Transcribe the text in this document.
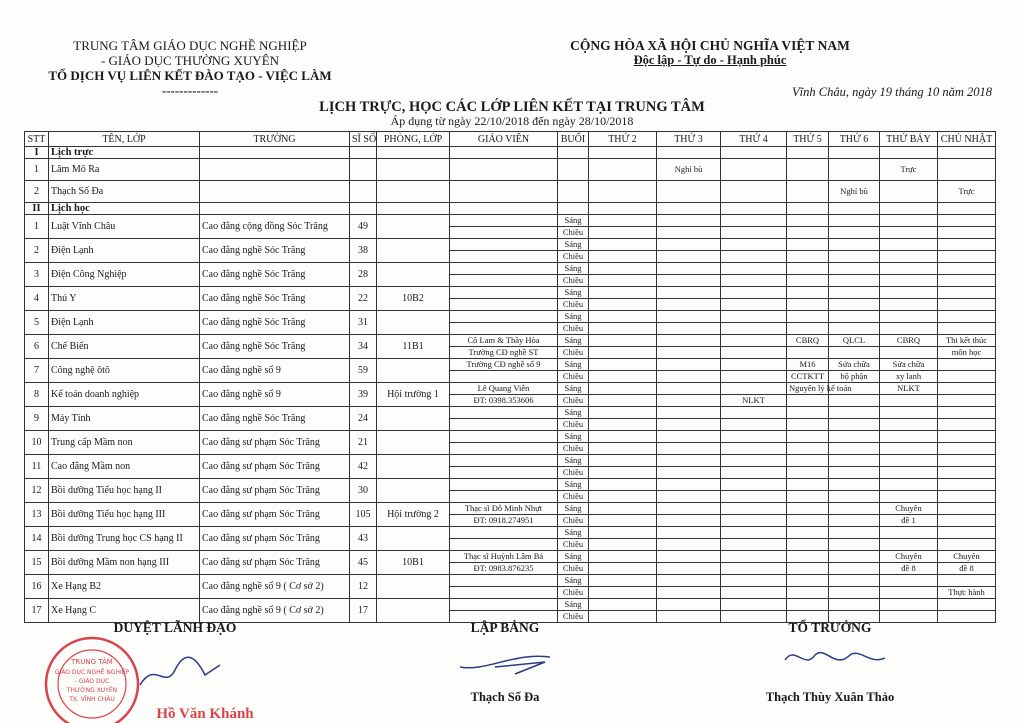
TRUNG TÂM GIÁO DỤC NGHỀ NGHIỆP
- GIÁO DỤC THƯỜNG XUYÊN
TỔ DỊCH VỤ LIÊN KẾT ĐÀO TẠO - VIỆC LÀM
-------------
CỘNG HÒA XÃ HỘI CHỦ NGHĨA VIỆT NAM
Độc lập - Tự do - Hạnh phúc
Vĩnh Châu, ngày 19 tháng 10 năm 2018
LỊCH TRỰC, HỌC CÁC LỚP LIÊN KẾT TẠI TRUNG TÂM
Áp dụng từ ngày 22/10/2018 đến ngày 28/10/2018
STT	TÊN, LỚP	TRƯỜNG	SĨ SỐ	PHÒNG, LỚP	GIÁO VIÊN	BUỔI	THỨ 2	THỨ 3	THỨ 4	THỨ 5	THỨ 6	THỨ BẢY	CHỦ NHẬT
I	Lịch trực												
1	Lâm Mô Ra							Nghỉ bù				Trực	
2	Thạch Số Đa										Nghỉ bù		Trực
II	Lịch học												
1	Luật Vĩnh Châu	Cao đẳng cộng đồng Sóc Trăng	49			Sáng							
						Chiều							
2	Điện Lạnh	Cao đẳng nghề Sóc Trăng	38			Sáng							
						Chiều							
3	Điện Công Nghiệp	Cao đẳng nghề Sóc Trăng	28			Sáng							
						Chiều							
4	Thú Y	Cao đẳng nghề Sóc Trăng	22	10B2		Sáng							
						Chiều							
5	Điện Lạnh	Cao đẳng nghề Sóc Trăng	31			Sáng							
						Chiều							
6	Chế Biến	Cao đẳng nghề Sóc Trăng	34	11B1	Cô Lam & Thầy Hòa	Sáng				CBRQ	QLCL	CBRQ	Thi kết thúc
					Trường CĐ nghề ST	Chiều							môn học
7	Công nghệ ôtô	Cao đẳng nghề số 9	59		Trường CĐ nghề số 9	Sáng				M16	Sửa chữa	Sửa chữa	
						Chiều				CCTKTT	bộ phận	xy lanh	
8	Kế toán doanh nghiệp	Cao đẳng nghề số 9	39	Hội trường 1	Lê Quang Viễn	Sáng				Nguyên lý kế toán		NLKT	
					ĐT: 0398.353606	Chiều			NLKT				
9	Máy Tính	Cao đẳng nghề Sóc Trăng	24			Sáng							
						Chiều							
10	Trung cấp Mầm non	Cao đẳng sư phạm Sóc Trăng	21			Sáng							
						Chiều							
11	Cao đẳng Mầm non	Cao đẳng sư phạm Sóc Trăng	42			Sáng							
						Chiều							
12	Bồi dưỡng Tiểu học hạng II	Cao đẳng sư phạm Sóc Trăng	30			Sáng							
						Chiều							
13	Bồi dưỡng Tiểu học hạng III	Cao đẳng sư phạm Sóc Trăng	105	Hội trường 2	Thạc sĩ Đỗ Minh Nhựt	Sáng						Chuyên	
					ĐT: 0918.274951	Chiều						đề 1	
14	Bồi dưỡng Trung học CS hạng II	Cao đẳng sư phạm Sóc Trăng	43			Sáng							
						Chiều							
15	Bồi dưỡng Mầm non hạng III	Cao đẳng sư phạm Sóc Trăng	45	10B1	Thạc sĩ Huỳnh Lâm Bá	Sáng						Chuyên	Chuyên
					ĐT: 0983.876235	Chiều						đề 8	đề 8
16	Xe Hạng B2	Cao đẳng nghề số 9 ( Cơ sở 2)	12			Sáng							
						Chiều							Thực hành
17	Xe Hạng C	Cao đẳng nghề số 9 ( Cơ sở 2)	17			Sáng							
						Chiều							
TRUNG TÂM
GIÁO DỤC NGHỀ NGHIỆP
- GIÁO DỤC
THƯỜNG XUYÊN
TX. VĨNH CHÂU
DUYỆT LÃNH ĐẠO	LẬP BẢNG	TỔ TRƯỞNG
Hồ Văn Khánh
Thạch Số Đa	Thạch Thùy Xuân Thảo
